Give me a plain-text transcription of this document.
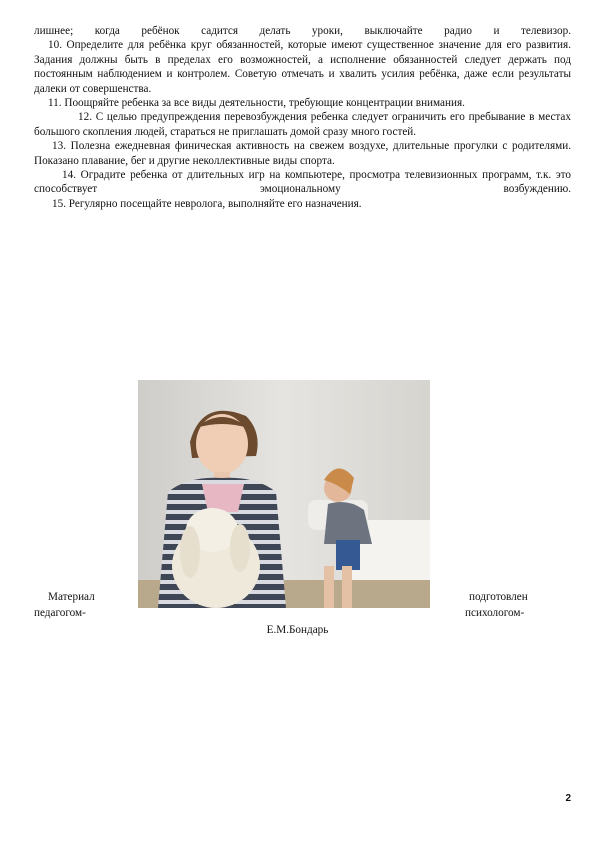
лишнее; когда ребёнок садится делать уроки, выключайте радио и телевизор.

10. Определите для ребёнка круг обязанностей, которые имеют существенное значение для его развития. Задания должны быть в пределах его возможностей, а исполнение обязанностей следует держать под постоянным наблюдением и контролем. Советую отмечать и хвалить усилия ребёнка, даже если результаты далеки от совершенства.

11. Поощряйте ребенка за все виды деятельности, требующие концентрации внимания.

12. С целью предупреждения перевозбуждения ребенка следует ограничить его пребывание в местах большого скопления людей, стараться не приглашать домой сразу много гостей.

13. Полезна ежедневная финическая активность на свежем воздухе, длительные прогулки с родителями. Показано плавание, бег и другие неколлективные виды спорта.

14. Оградите ребенка от длительных игр на компьютере, просмотра телевизионных программ, т.к. это способствует эмоциональному возбуждению.

15. Регулярно посещайте невролога, выполняйте его назначения.

Материал
педагогом-
подготовлен
психологом-
Е.М.Бондарь
2
